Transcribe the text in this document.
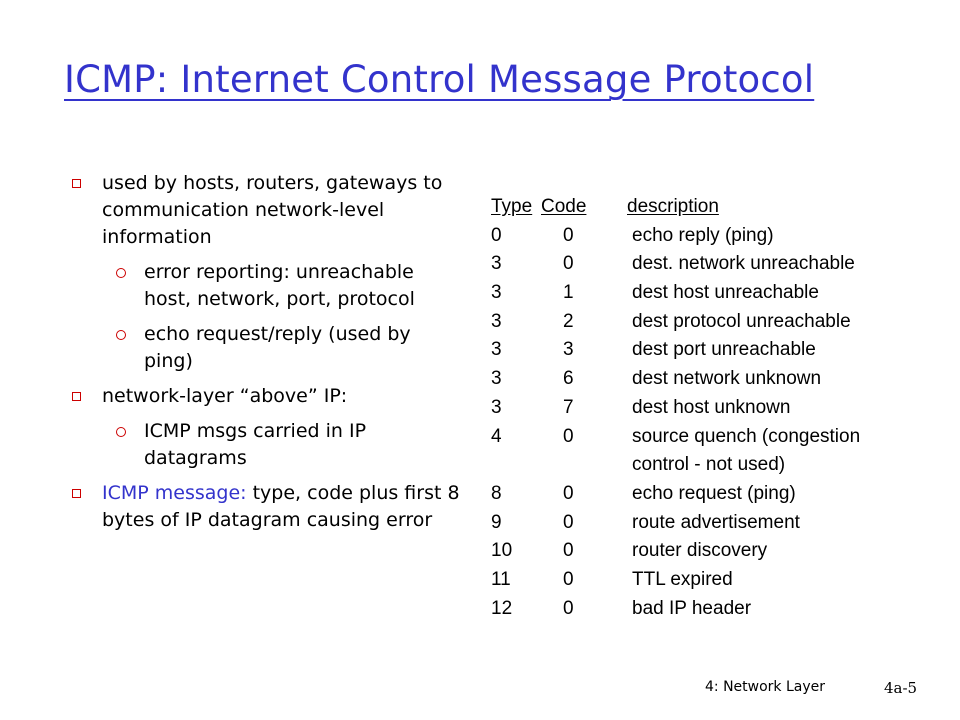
ICMP: Internet Control Message Protocol
used by hosts, routers, gateways to communication network-level information
error reporting: unreachable host, network, port, protocol
echo request/reply (used by ping)
network-layer “above” IP:
ICMP msgs carried in IP datagrams
ICMP message: type, code plus first 8 bytes of IP datagram causing error
Type Code description
0	0	echo reply (ping)
3	0	dest. network unreachable
3	1	dest host unreachable
3	2	dest protocol unreachable
3	3	dest port unreachable
3	6	dest network unknown
3	7	dest host unknown
4	0	source quench (congestion
control - not used)
8	0	echo request (ping)
9	0	route advertisement
10	0	router discovery
11	0	TTL expired
12	0	bad IP header
4: Network Layer	4a-5
